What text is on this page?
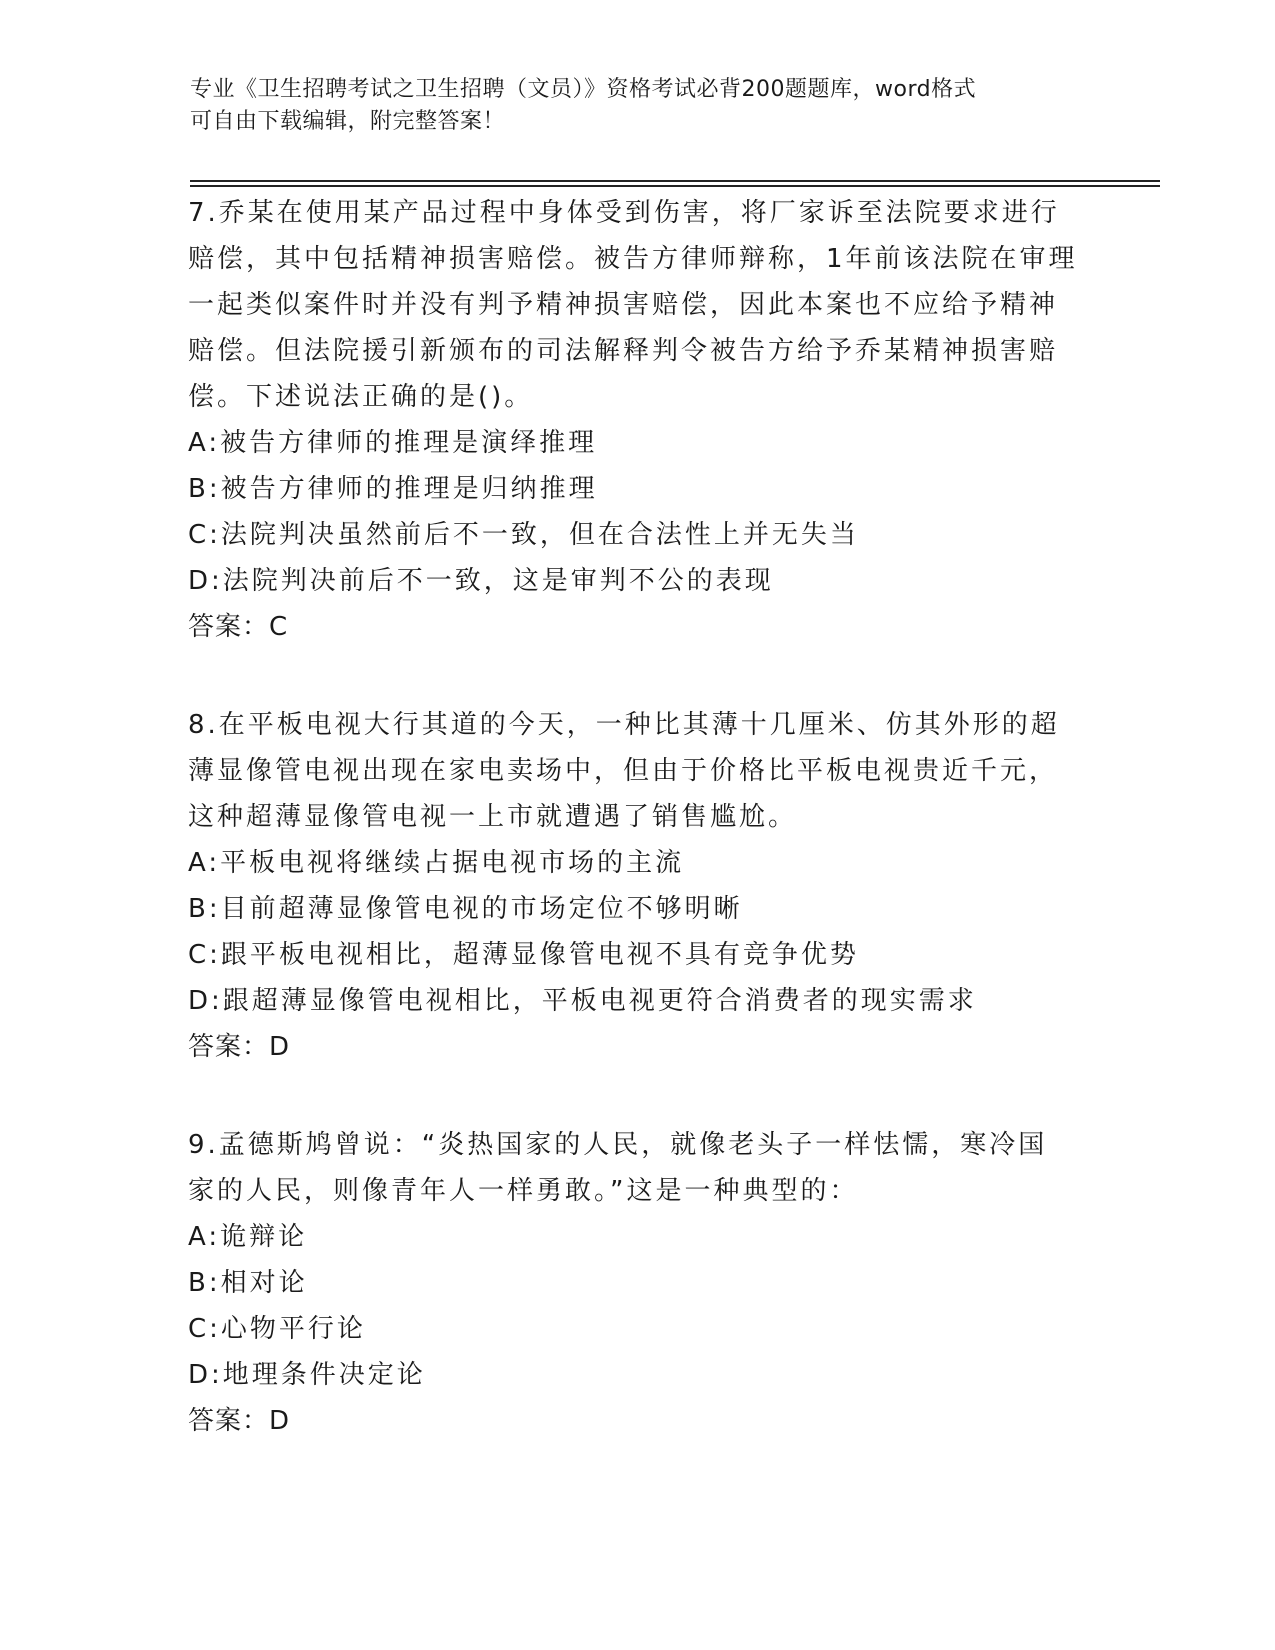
专业《卫生招聘考试之卫生招聘（文员）》资格考试必背200题题库，word格式
可自由下载编辑，附完整答案！
7.乔某在使用某产品过程中身体受到伤害，将厂家诉至法院要求进行
赔偿，其中包括精神损害赔偿。被告方律师辩称，1年前该法院在审理
一起类似案件时并没有判予精神损害赔偿，因此本案也不应给予精神
赔偿。但法院援引新颁布的司法解释判令被告方给予乔某精神损害赔
偿。下述说法正确的是()。
A:被告方律师的推理是演绎推理
B:被告方律师的推理是归纳推理
C:法院判决虽然前后不一致，但在合法性上并无失当
D:法院判决前后不一致，这是审判不公的表现
答案：C
8.在平板电视大行其道的今天，一种比其薄十几厘米、仿其外形的超
薄显像管电视出现在家电卖场中，但由于价格比平板电视贵近千元，
这种超薄显像管电视一上市就遭遇了销售尴尬。
A:平板电视将继续占据电视市场的主流
B:目前超薄显像管电视的市场定位不够明晰
C:跟平板电视相比，超薄显像管电视不具有竞争优势
D:跟超薄显像管电视相比，平板电视更符合消费者的现实需求
答案：D
9.孟德斯鸠曾说：“炎热国家的人民，就像老头子一样怯懦，寒冷国
家的人民，则像青年人一样勇敢。”这是一种典型的：
A:诡辩论
B:相对论
C:心物平行论
D:地理条件决定论
答案：D
